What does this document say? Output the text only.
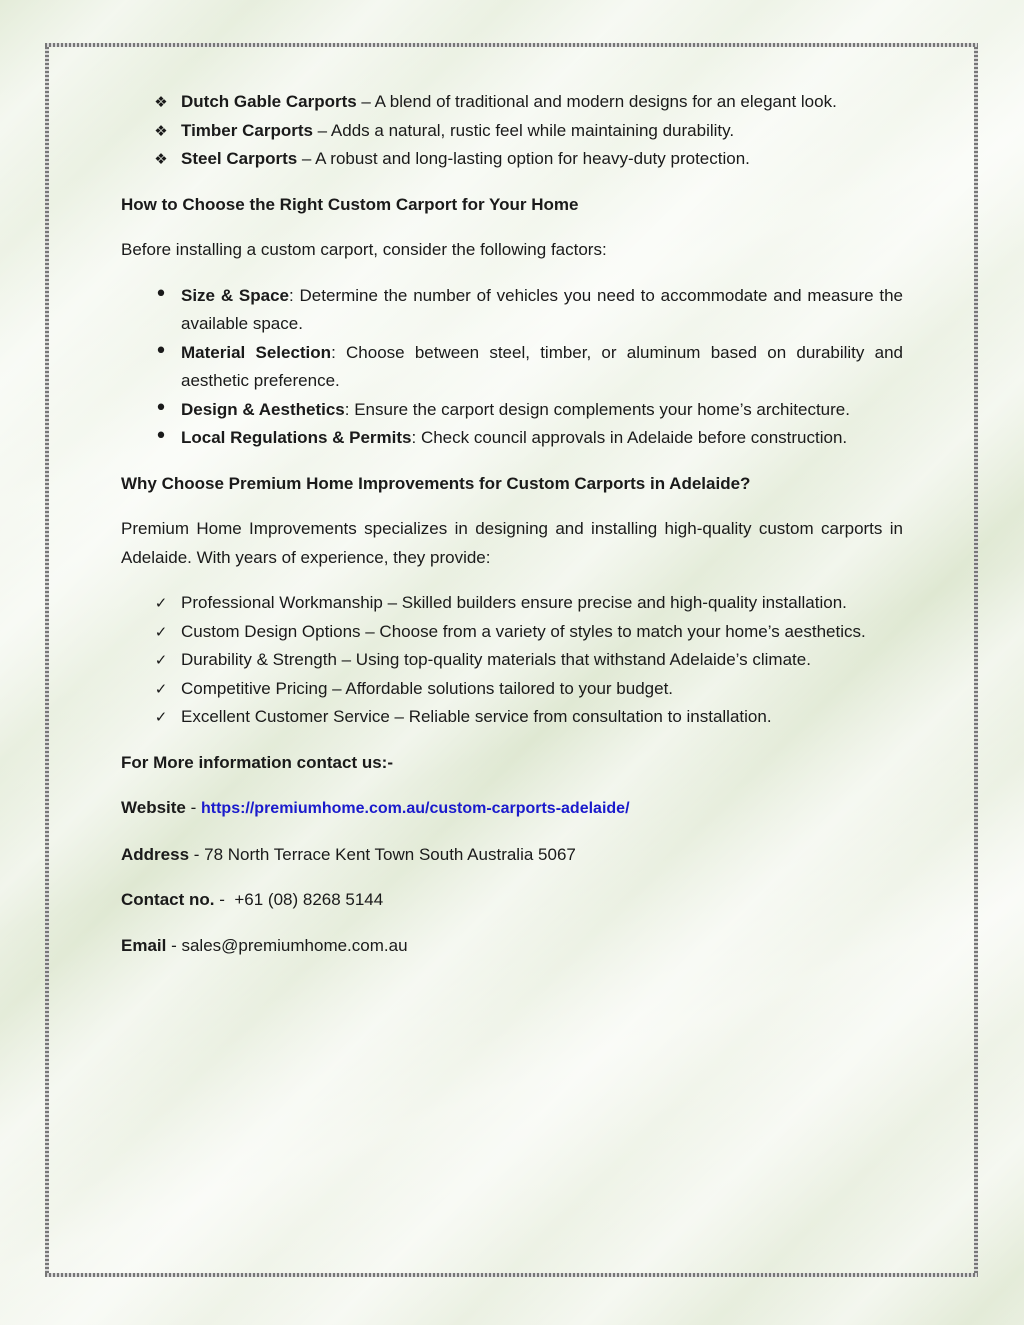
❖ Dutch Gable Carports – A blend of traditional and modern designs for an elegant look.
❖ Timber Carports – Adds a natural, rustic feel while maintaining durability.
❖ Steel Carports – A robust and long-lasting option for heavy-duty protection.

How to Choose the Right Custom Carport for Your Home

Before installing a custom carport, consider the following factors:

• Size & Space: Determine the number of vehicles you need to accommodate and measure the available space.
• Material Selection: Choose between steel, timber, or aluminum based on durability and aesthetic preference.
• Design & Aesthetics: Ensure the carport design complements your home’s architecture.
• Local Regulations & Permits: Check council approvals in Adelaide before construction.

Why Choose Premium Home Improvements for Custom Carports in Adelaide?

Premium Home Improvements specializes in designing and installing high-quality custom carports in Adelaide. With years of experience, they provide:

✓ Professional Workmanship – Skilled builders ensure precise and high-quality installation.
✓ Custom Design Options – Choose from a variety of styles to match your home’s aesthetics.
✓ Durability & Strength – Using top-quality materials that withstand Adelaide’s climate.
✓ Competitive Pricing – Affordable solutions tailored to your budget.
✓ Excellent Customer Service – Reliable service from consultation to installation.

For More information contact us:-

Website - https://premiumhome.com.au/custom-carports-adelaide/

Address - 78 North Terrace Kent Town South Australia 5067

Contact no. -  +61 (08) 8268 5144

Email - sales@premiumhome.com.au
